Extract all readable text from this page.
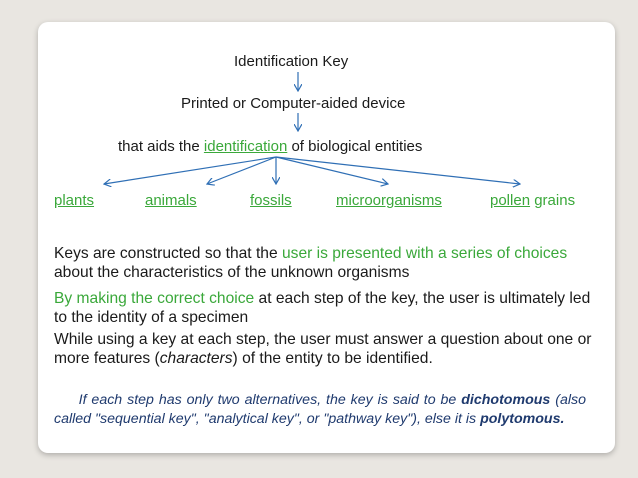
Identification Key
Printed or Computer-aided device
that aids the identification of biological entities
plants	animals	fossils	microorganisms	pollen grains
Keys are constructed so that the user is presented with a series of choices about the characteristics of the unknown organisms
By making the correct choice at each step of the key, the user is ultimately led to the identity of a specimen
While using a key at each step, the user must answer a question about one or more features (characters) of the entity to be identified.
If each step has only two alternatives, the key is said to be dichotomous (also called "sequential key", "analytical key", or "pathway key"), else it is polytomous.
